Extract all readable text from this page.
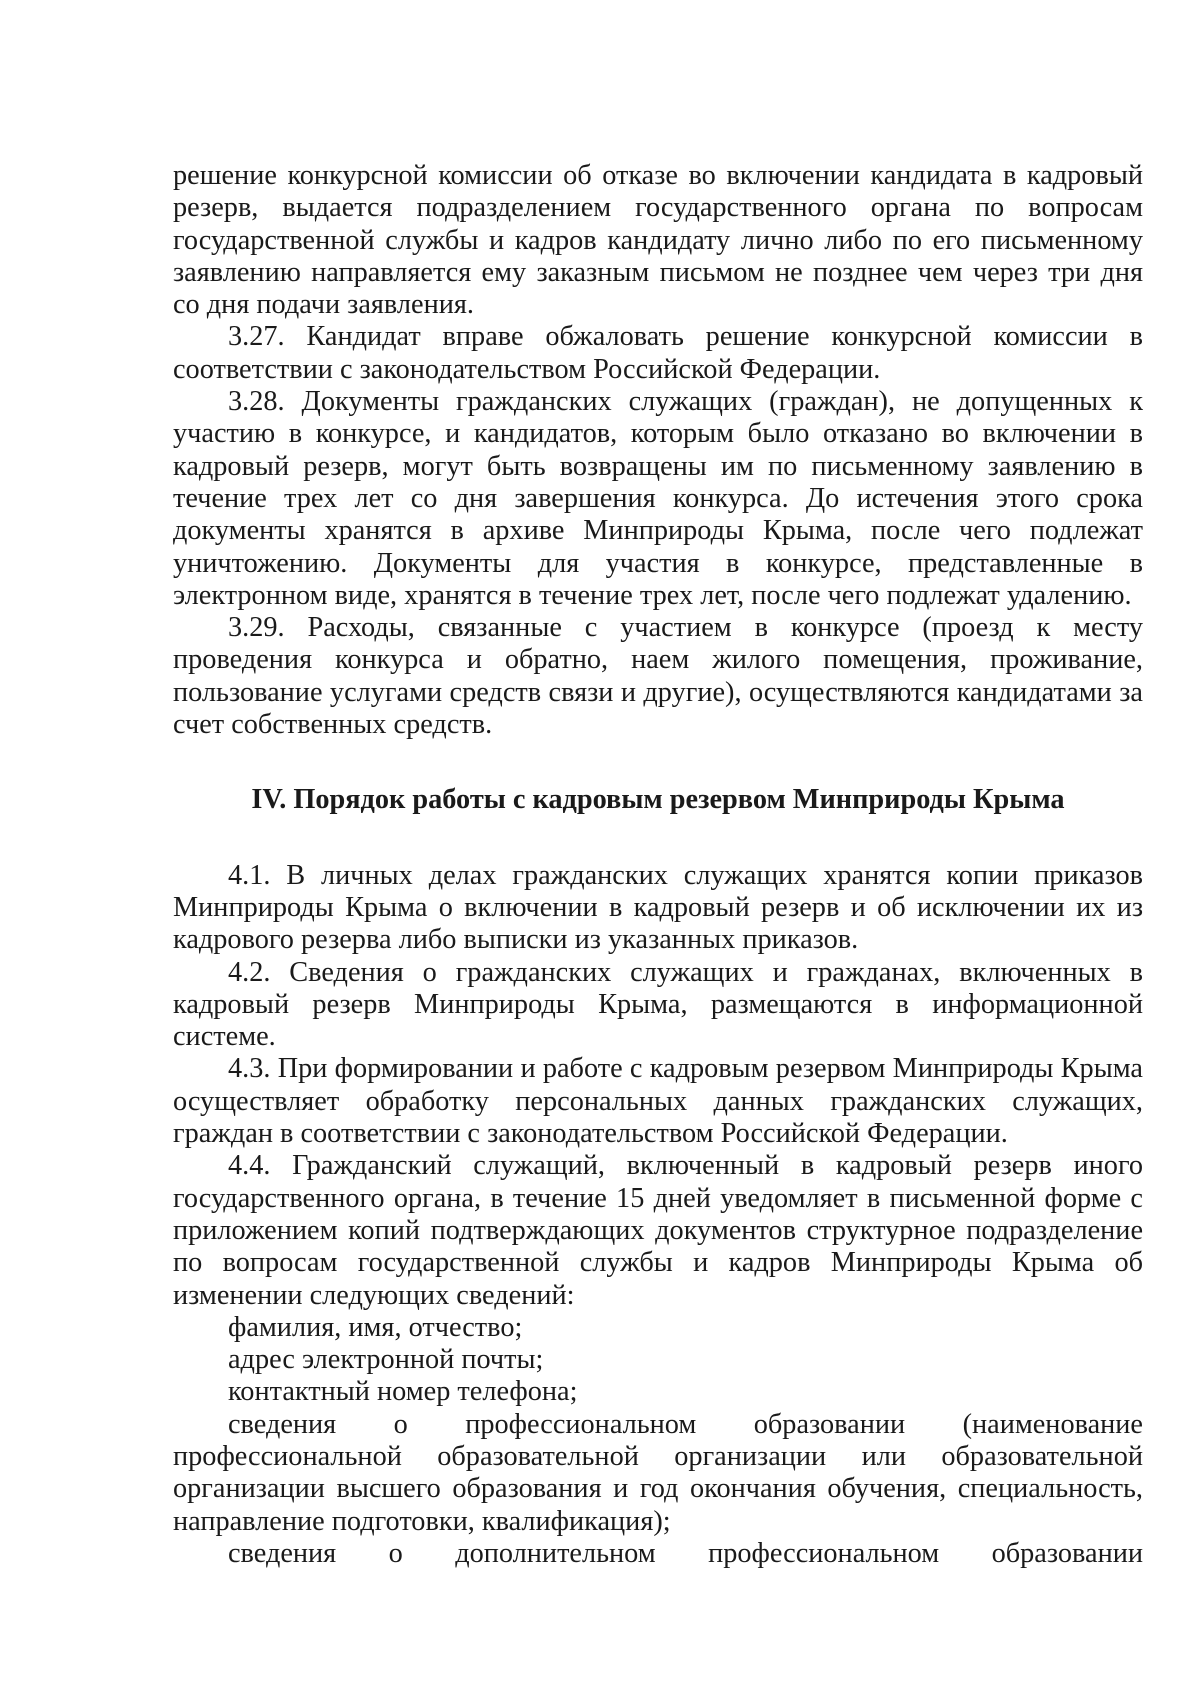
решение конкурсной комиссии об отказе во включении кандидата в кадровый резерв, выдается подразделением государственного органа по вопросам государственной службы и кадров кандидату лично либо по его письменному заявлению направляется ему заказным письмом не позднее чем через три дня со дня подачи заявления.

3.27. Кандидат вправе обжаловать решение конкурсной комиссии в соответствии с законодательством Российской Федерации.

3.28. Документы гражданских служащих (граждан), не допущенных к участию в конкурсе, и кандидатов, которым было отказано во включении в кадровый резерв, могут быть возвращены им по письменному заявлению в течение трех лет со дня завершения конкурса. До истечения этого срока документы хранятся в архиве Минприроды Крыма, после чего подлежат уничтожению. Документы для участия в конкурсе, представленные в электронном виде, хранятся в течение трех лет, после чего подлежат удалению.

3.29. Расходы, связанные с участием в конкурсе (проезд к месту проведения конкурса и обратно, наем жилого помещения, проживание, пользование услугами средств связи и другие), осуществляются кандидатами за счет собственных средств.

IV. Порядок работы с кадровым резервом Минприроды Крыма

4.1. В личных делах гражданских служащих хранятся копии приказов Минприроды Крыма о включении в кадровый резерв и об исключении их из кадрового резерва либо выписки из указанных приказов.

4.2. Сведения о гражданских служащих и гражданах, включенных в кадровый резерв Минприроды Крыма, размещаются в информационной системе.

4.3. При формировании и работе с кадровым резервом Минприроды Крыма осуществляет обработку персональных данных гражданских служащих, граждан в соответствии с законодательством Российской Федерации.

4.4. Гражданский служащий, включенный в кадровый резерв иного государственного органа, в течение 15 дней уведомляет в письменной форме с приложением копий подтверждающих документов структурное подразделение по вопросам государственной службы и кадров Минприроды Крыма об изменении следующих сведений:

фамилия, имя, отчество;

адрес электронной почты;

контактный номер телефона;

сведения о профессиональном образовании (наименование профессиональной образовательной организации или образовательной организации высшего образования и год окончания обучения, специальность, направление подготовки, квалификация);

сведения о дополнительном профессиональном образовании
